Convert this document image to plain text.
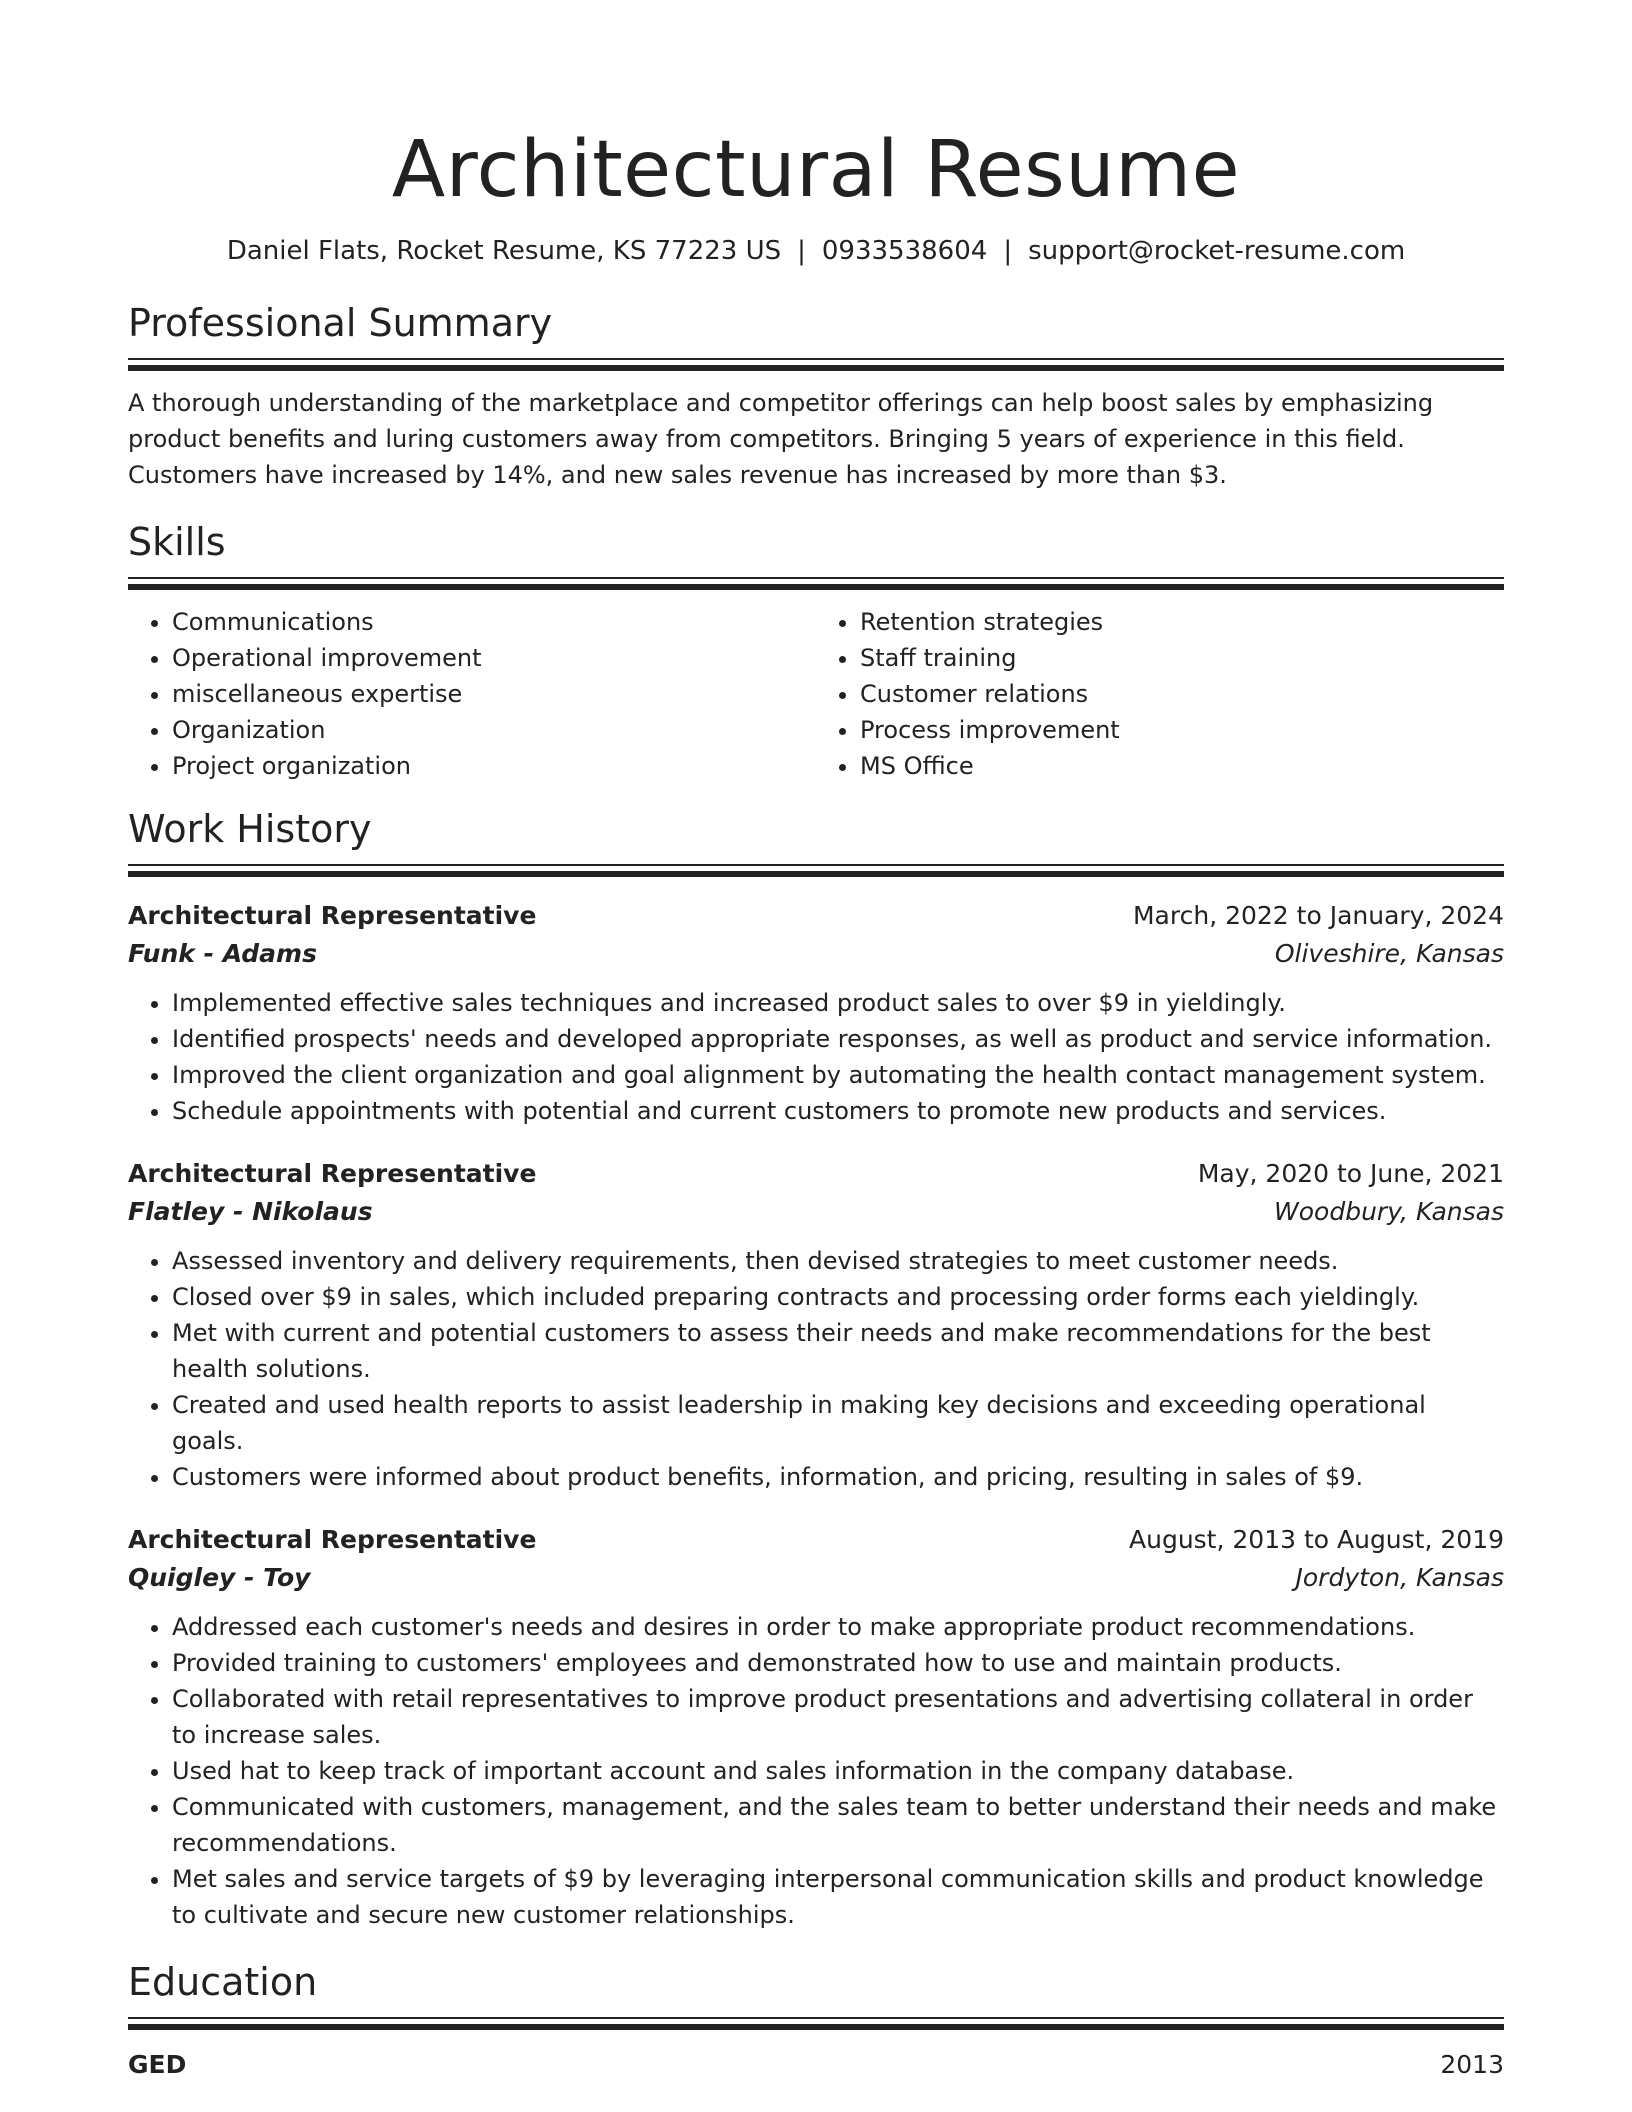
Architectural Resume
Daniel Flats, Rocket Resume, KS 77223 US | 0933538604 | support@rocket-resume.com
Professional Summary

A thorough understanding of the marketplace and competitor offerings can help boost sales by emphasizing product benefits and luring customers away from competitors. Bringing 5 years of experience in this field. Customers have increased by 14%, and new sales revenue has increased by more than $3.

Skills
• Communications
• Operational improvement
• miscellaneous expertise
• Organization
• Project organization
• Retention strategies
• Staff training
• Customer relations
• Process improvement
• MS Office
Work History
Architectural Representative	March, 2022 to January, 2024
Funk - Adams	Oliveshire, Kansas
• Implemented effective sales techniques and increased product sales to over $9 in yieldingly.
• Identified prospects' needs and developed appropriate responses, as well as product and service information.
• Improved the client organization and goal alignment by automating the health contact management system.
• Schedule appointments with potential and current customers to promote new products and services.
Architectural Representative	May, 2020 to June, 2021
Flatley - Nikolaus	Woodbury, Kansas
• Assessed inventory and delivery requirements, then devised strategies to meet customer needs.
• Closed over $9 in sales, which included preparing contracts and processing order forms each yieldingly.
• Met with current and potential customers to assess their needs and make recommendations for the best health solutions.
• Created and used health reports to assist leadership in making key decisions and exceeding operational goals.
• Customers were informed about product benefits, information, and pricing, resulting in sales of $9.
Architectural Representative	August, 2013 to August, 2019
Quigley - Toy	Jordyton, Kansas
• Addressed each customer's needs and desires in order to make appropriate product recommendations.
• Provided training to customers' employees and demonstrated how to use and maintain products.
• Collaborated with retail representatives to improve product presentations and advertising collateral in order to increase sales.
• Used hat to keep track of important account and sales information in the company database.
• Communicated with customers, management, and the sales team to better understand their needs and make recommendations.
• Met sales and service targets of $9 by leveraging interpersonal communication skills and product knowledge to cultivate and secure new customer relationships.
Education
GED	2013
